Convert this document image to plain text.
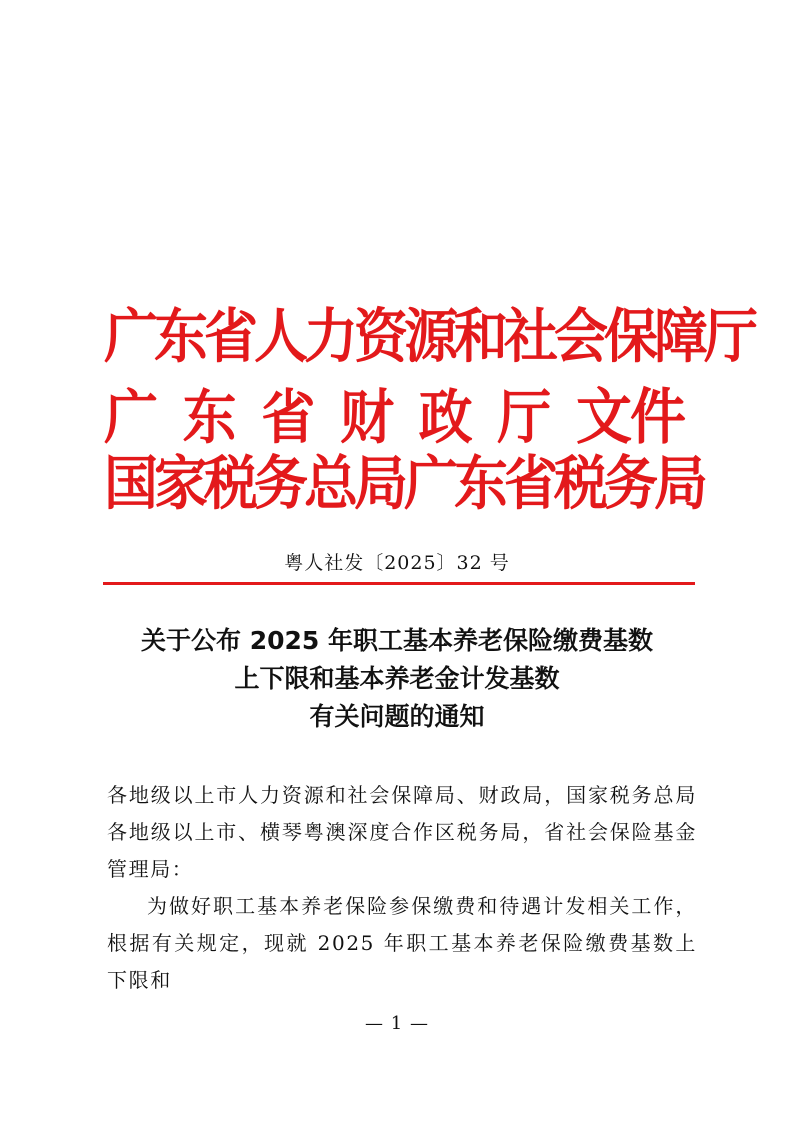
广东省人力资源和社会保障厅
广 东 省 财 政 厅 文件
国家税务总局广东省税务局
粤人社发〔2025〕32 号
关于公布 2025 年职工基本养老保险缴费基数
上下限和基本养老金计发基数
有关问题的通知

各地级以上市人力资源和社会保障局、财政局，国家税务总局各地级以上市、横琴粤澳深度合作区税务局，省社会保险基金管理局：

为做好职工基本养老保险参保缴费和待遇计发相关工作，根据有关规定，现就 2025 年职工基本养老保险缴费基数上下限和

— 1 —
